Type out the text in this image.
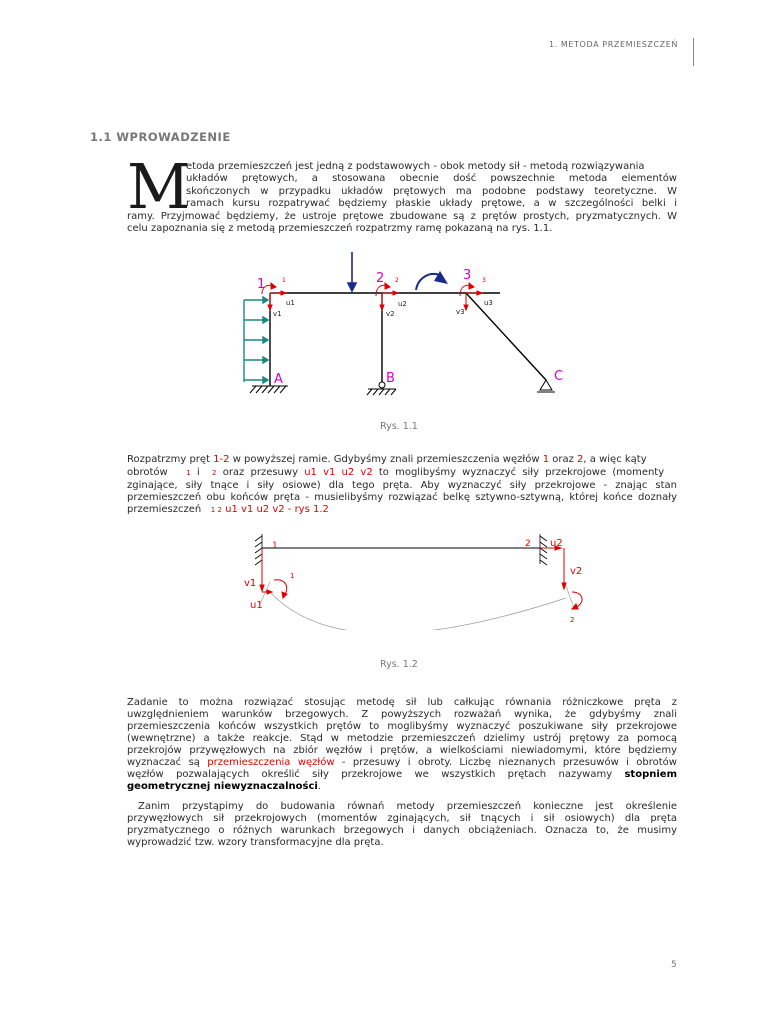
1. METODA PRZEMIESZCZEŃ
1.1 WPROWADZENIE
M
etoda przemieszczeń jest jedną z podstawowych - obok metody sił - metodą rozwiązywania
układów prętowych, a stosowana obecnie dość powszechnie metoda elementów
skończonych w przypadku układów prętowych ma podobne podstawy teoretyczne. W
ramach kursu rozpatrywać będziemy płaskie układy prętowe, a w szczególności belki i
ramy. Przyjmować będziemy, że ustroje prętowe zbudowane są z prętów prostych, pryzmatycznych. W
celu zapoznania się z metodą przemieszczeń rozpatrzmy ramę pokazaną na rys. 1.1.
1	2	3
A	B	C
1	2	3
u1
v1
u2
v2
u3
v3
Rys. 1.1
Rozpatrzmy pręt 1-2 w powyższej ramie. Gdybyśmy znali przemieszczenia węzłów 1 oraz 2, a więc kąty
obrotów	1 i 2 oraz przesuwy u1 v1 u2 v2 to moglibyśmy wyznaczyć siły przekrojowe (momenty
zginające, siły tnące i siły osiowe) dla tego pręta. Aby wyznaczyć siły przekrojowe - znając stan
przemieszczeń obu końców pręta - musielibyśmy rozwiązać belkę sztywno-sztywną, której końce doznały
przemieszczeń 1 2 u1 v1 u2 v2 - rys 1.2
1	2 u2
v2
v1
u1
1
2
Rys. 1.2
Zadanie to można rozwiązać stosując metodę sił lub całkując równania różniczkowe pręta z
uwzględnieniem warunków brzegowych. Z powyższych rozważań wynika, że gdybyśmy znali
przemieszczenia końców wszystkich prętów to moglibyśmy wyznaczyć poszukiwane siły przekrojowe
(wewnętrzne) a także reakcje. Stąd w metodzie przemieszczeń dzielimy ustrój prętowy za pomocą
przekrojów przywęzłowych na zbiór węzłów i prętów, a wielkościami niewiadomymi, które będziemy
wyznaczać są przemieszczenia węzłów - przesuwy i obroty. Liczbę nieznanych przesuwów i obrotów
węzłów pozwalających określić siły przekrojowe we wszystkich prętach nazywamy stopniem
geometrycznej niewyznaczalności.
Zanim przystąpimy do budowania równań metody przemieszczeń konieczne jest określenie
przywęzłowych sił przekrojowych (momentów zginających, sił tnących i sił osiowych) dla pręta
pryzmatycznego o różnych warunkach brzegowych i danych obciążeniach. Oznacza to, że musimy
wyprowadzić tzw. wzory transformacyjne dla pręta.
5
